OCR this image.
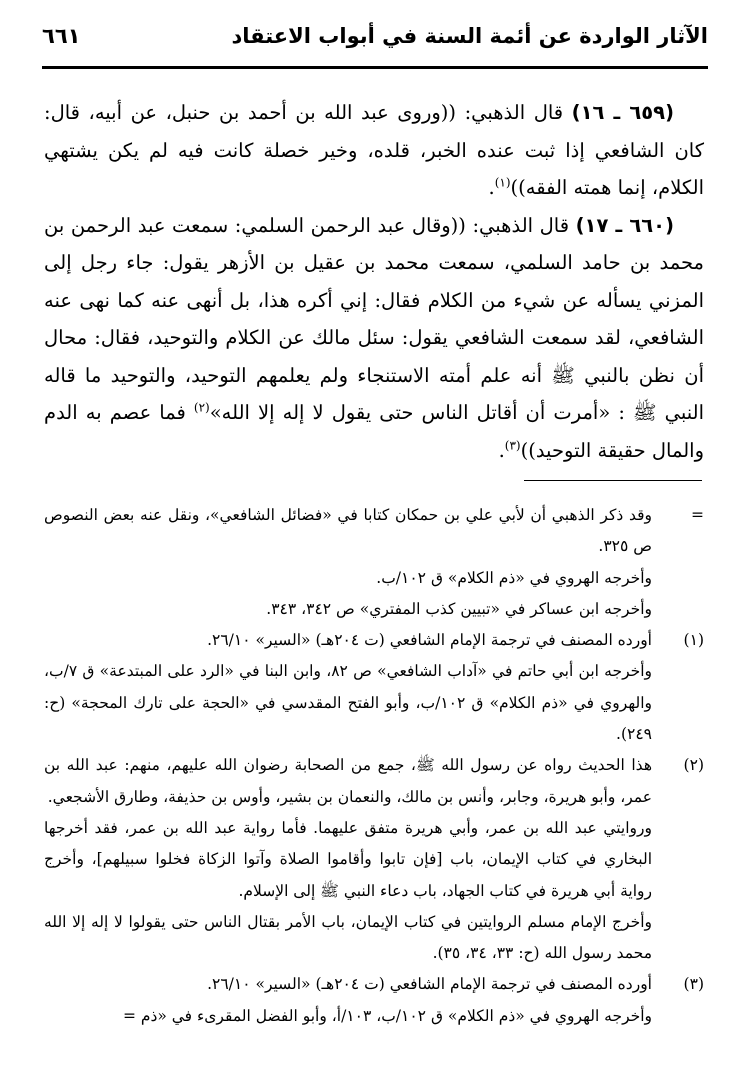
الآثار الواردة عن أئمة السنة في أبواب الاعتقاد
٦٦١

(٦٥٩ ـ ١٦) قال الذهبي: ((وروى عبد الله بن أحمد بن حنبل، عن أبيه، قال: كان الشافعي إذا ثبت عنده الخبر، قلده، وخير خصلة كانت فيه لم يكن يشتهي الكلام، إنما همته الفقه))$^{(١)}$.

(٦٦٠ ـ ١٧) قال الذهبي: ((وقال عبد الرحمن السلمي: سمعت عبد الرحمن بن محمد بن حامد السلمي، سمعت محمد بن عقيل بن الأزهر يقول: جاء رجل إلى المزني يسأله عن شيء من الكلام فقال: إني أكره هذا، بل أنهى عنه كما نهى عنه الشافعي، لقد سمعت الشافعي يقول: سئل مالك عن الكلام والتوحيد، فقال: محال أن نظن بالنبي ﷺ أنه علم أمته الاستنجاء ولم يعلمهم التوحيد، والتوحيد ما قاله النبي ﷺ : «أمرت أن أقاتل الناس حتى يقول لا إله إلا الله»$^{(٢)}$ فما عصم به الدم والمال حقيقة التوحيد))$^{(٣)}$.

=

وقد ذكر الذهبي أن لأبي علي بن حمكان كتابا في «فضائل الشافعي»، ونقل عنه بعض النصوص ص ٣٢٥.

وأخرجه الهروي في «ذم الكلام» ق ١٠٢/ب.

وأخرجه ابن عساكر في «تبيين كذب المفتري» ص ٣٤٢، ٣٤٣.

(١)

أورده المصنف في ترجمة الإمام الشافعي (ت ٢٠٤هـ) «السير» ٢٦/١٠.

وأخرجه ابن أبي حاتم في «آداب الشافعي» ص ٨٢، وابن البنا في «الرد على المبتدعة» ق ٧/ب، والهروي في «ذم الكلام» ق ١٠٢/ب، وأبو الفتح المقدسي في «الحجة على تارك المحجة» (ح: ٢٤٩).

(٢)

هذا الحديث رواه عن رسول الله ﷺ، جمع من الصحابة رضوان الله عليهم، منهم: عبد الله بن عمر، وأبو هريرة، وجابر، وأنس بن مالك، والنعمان بن بشير، وأوس بن حذيفة، وطارق الأشجعي.

وروايتي عبد الله بن عمر، وأبي هريرة متفق عليهما. فأما رواية عبد الله بن عمر، فقد أخرجها البخاري في كتاب الإيمان، باب [فإن تابوا وأقاموا الصلاة وآتوا الزكاة فخلوا سبيلهم]، وأخرج رواية أبي هريرة في كتاب الجهاد، باب دعاء النبي ﷺ إلى الإسلام.

وأخرج الإمام مسلم الروايتين في كتاب الإيمان، باب الأمر بقتال الناس حتى يقولوا لا إله إلا الله محمد رسول الله (ح: ٣٣، ٣٤، ٣٥).

(٣)

أورده المصنف في ترجمة الإمام الشافعي (ت ٢٠٤هـ) «السير» ٢٦/١٠.

وأخرجه الهروي في «ذم الكلام» ق ١٠٢/ب، ١٠٣/أ، وأبو الفضل المقرىء في «ذم =
